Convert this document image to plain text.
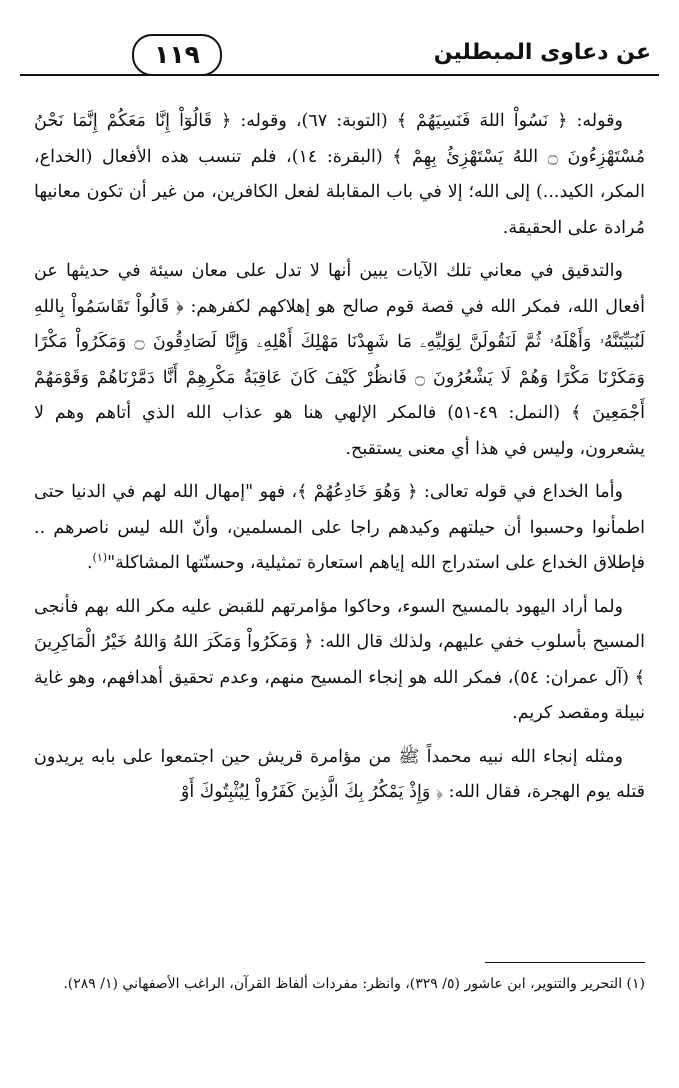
عن دعاوى المبطلين
١١٩

وقوله: ﴿ نَسُواْ اللهَ فَنَسِيَهُمْ ﴾ (التوبة: ٦٧)، وقوله: ﴿ قَالُوٓاْ إِنَّا مَعَكُمْ إِنَّمَا نَحْنُ مُسْتَهْزِءُونَ ۝ اللهُ يَسْتَهْزِئُ بِهِمْ ﴾ (البقرة: ١٤)، فلم تنسب هذه الأفعال (الخداع، المكر، الكيد...) إلى الله؛ إلا في باب المقابلة لفعل الكافرين، من غير أن تكون معانيها مُرادة على الحقيقة.

والتدقيق في معاني تلك الآيات يبين أنها لا تدل على معان سيئة في حديثها عن أفعال الله، فمكر الله في قصة قوم صالح هو إهلاكهم لكفرهم: ﴿ قَالُواْ تَقَاسَمُواْ بِاللهِ لَنُبَيِّتَنَّهُۥ وَأَهْلَهُۥ ثُمَّ لَنَقُولَنَّ لِوَلِيِّهِۦ مَا شَهِدْنَا مَهْلِكَ أَهْلِهِۦ وَإِنَّا لَصَادِقُونَ ۝ وَمَكَرُواْ مَكْرًا وَمَكَرْنَا مَكْرًا وَهُمْ لَا يَشْعُرُونَ ۝ فَانظُرْ كَيْفَ كَانَ عَاقِبَةُ مَكْرِهِمْ أَنَّا دَمَّرْنَاهُمْ وَقَوْمَهُمْ أَجْمَعِينَ ﴾ (النمل: ٤٩-٥١) فالمكر الإلهي هنا هو عذاب الله الذي أتاهم وهم لا يشعرون، وليس في هذا أي معنى يستقبح.

وأما الخداع في قوله تعالى: ﴿ وَهُوَ خَادِعُهُمْ ﴾، فهو "إمهال الله لهم في الدنيا حتى اطمأنوا وحسبوا أن حيلتهم وكيدهم راجا على المسلمين، وأنّ الله ليس ناصرهم .. فإطلاق الخداع على استدراج الله إياهم استعارة تمثيلية، وحسنّتها المشاكلة"$^{(١)}$.

ولما أراد اليهود بالمسيح السوء، وحاكوا مؤامرتهم للقبض عليه مكر الله بهم فأنجى المسيح بأسلوب خفي عليهم، ولذلك قال الله: ﴿ وَمَكَرُواْ وَمَكَرَ اللهُ وَاللهُ خَيْرُ الْمَاكِرِينَ ﴾ (آل عمران: ٥٤)، فمكر الله هو إنجاء المسيح منهم، وعدم تحقيق أهدافهم، وهو غاية نبيلة ومقصد كريم.

ومثله إنجاء الله نبيه محمداً ﷺ من مؤامرة قريش حين اجتمعوا على بابه يريدون قتله يوم الهجرة، فقال الله: ﴿ وَإِذْ يَمْكُرُ بِكَ الَّذِينَ كَفَرُواْ لِيُثْبِتُوكَ أَوْ

(١) التحرير والتنوير، ابن عاشور (٥/ ٣٢٩)، وانظر: مفردات ألفاظ القرآن، الراغب الأصفهاني (١/ ٢٨٩).
